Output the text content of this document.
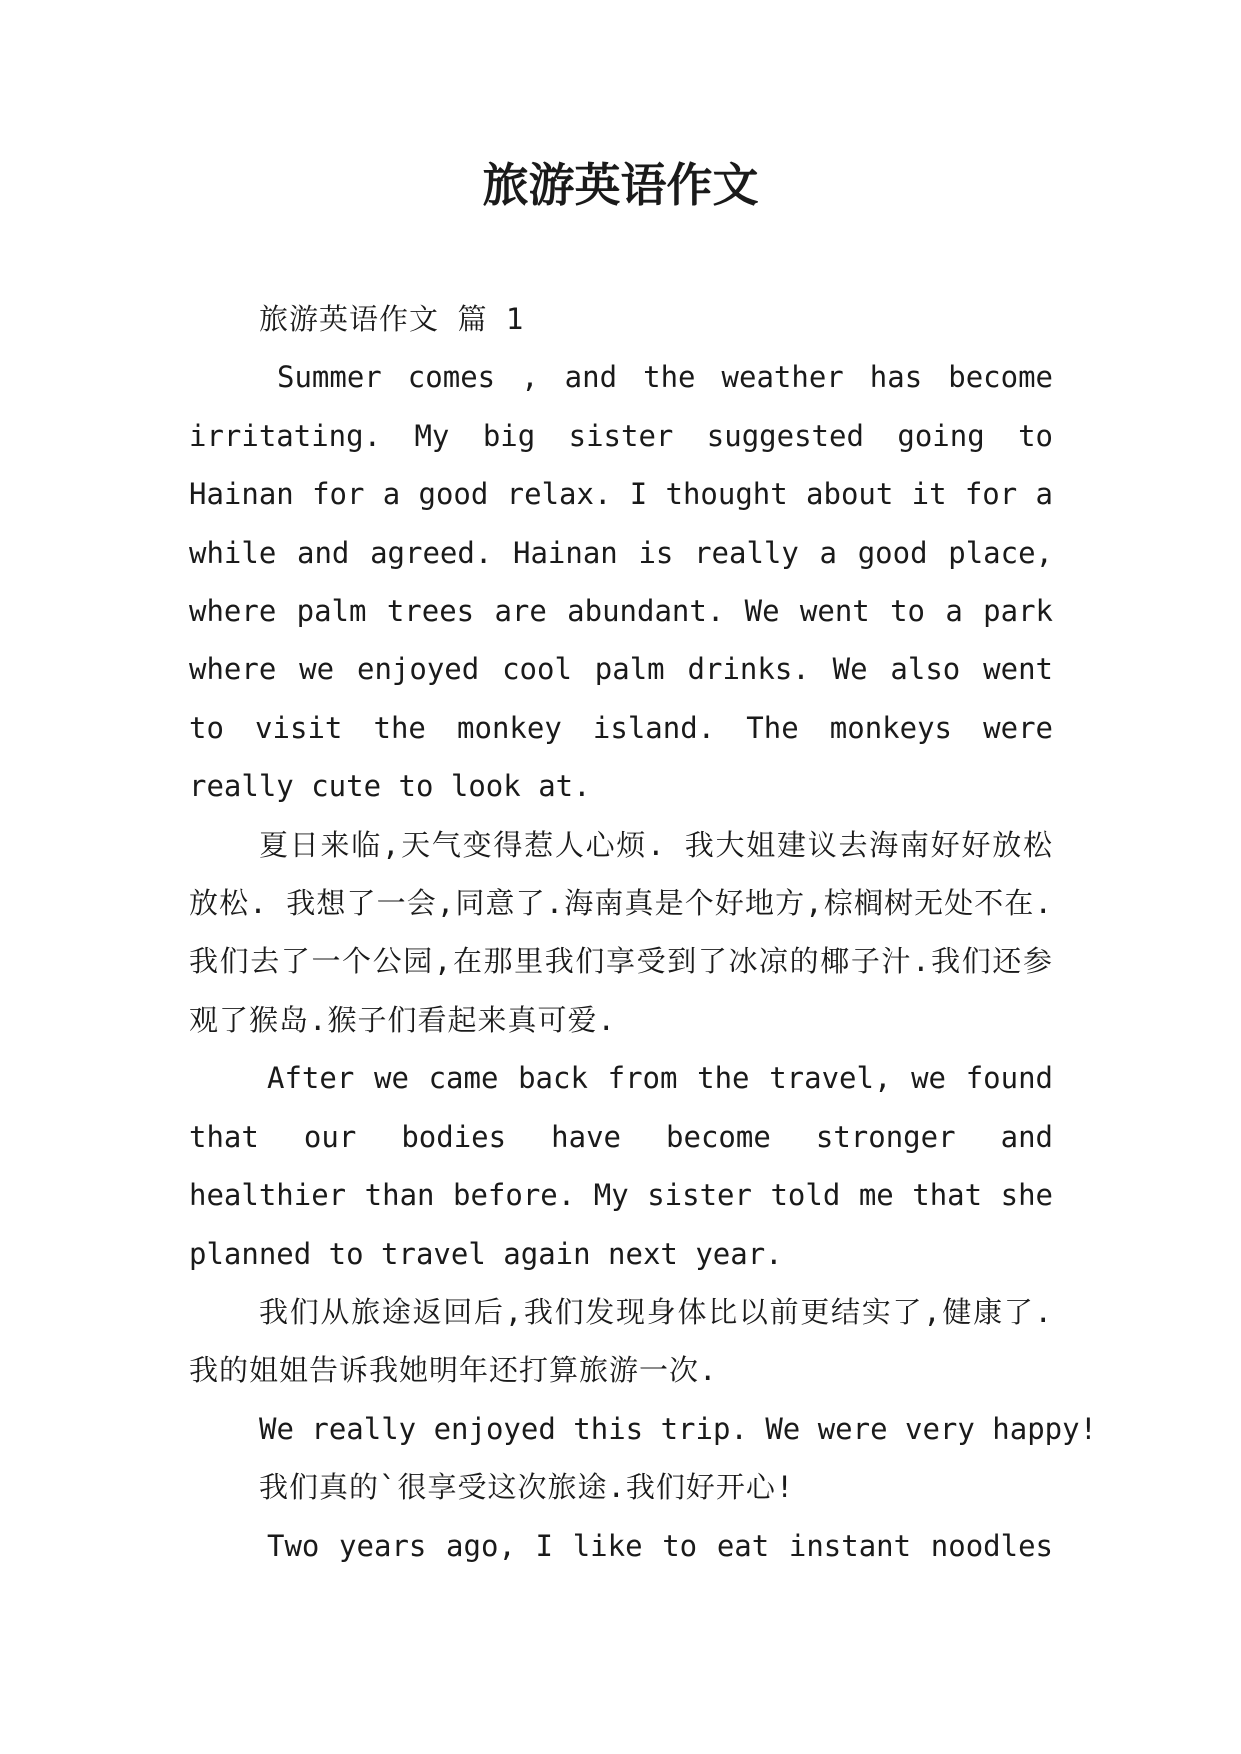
旅游英语作文

旅游英语作文 篇 1

Summer comes , and the weather has become irritating. My big sister suggested going to Hainan for a good relax. I thought about it for a while and agreed. Hainan is really a good place, where palm trees are abundant. We went to a park where we enjoyed cool palm drinks. We also went to visit the monkey island. The monkeys were really cute to look at.

夏日来临,天气变得惹人心烦. 我大姐建议去海南好好放松放松. 我想了一会,同意了.海南真是个好地方,棕榈树无处不在. 我们去了一个公园,在那里我们享受到了冰凉的椰子汁.我们还参观了猴岛.猴子们看起来真可爱.

After we came back from the travel, we found that our bodies have become stronger and healthier than before. My sister told me that she planned to travel again next year.

我们从旅途返回后,我们发现身体比以前更结实了,健康了.我的姐姐告诉我她明年还打算旅游一次.

We really enjoyed this trip. We were very happy!

我们真的`很享受这次旅途.我们好开心!

Two years ago, I like to eat instant noodles
